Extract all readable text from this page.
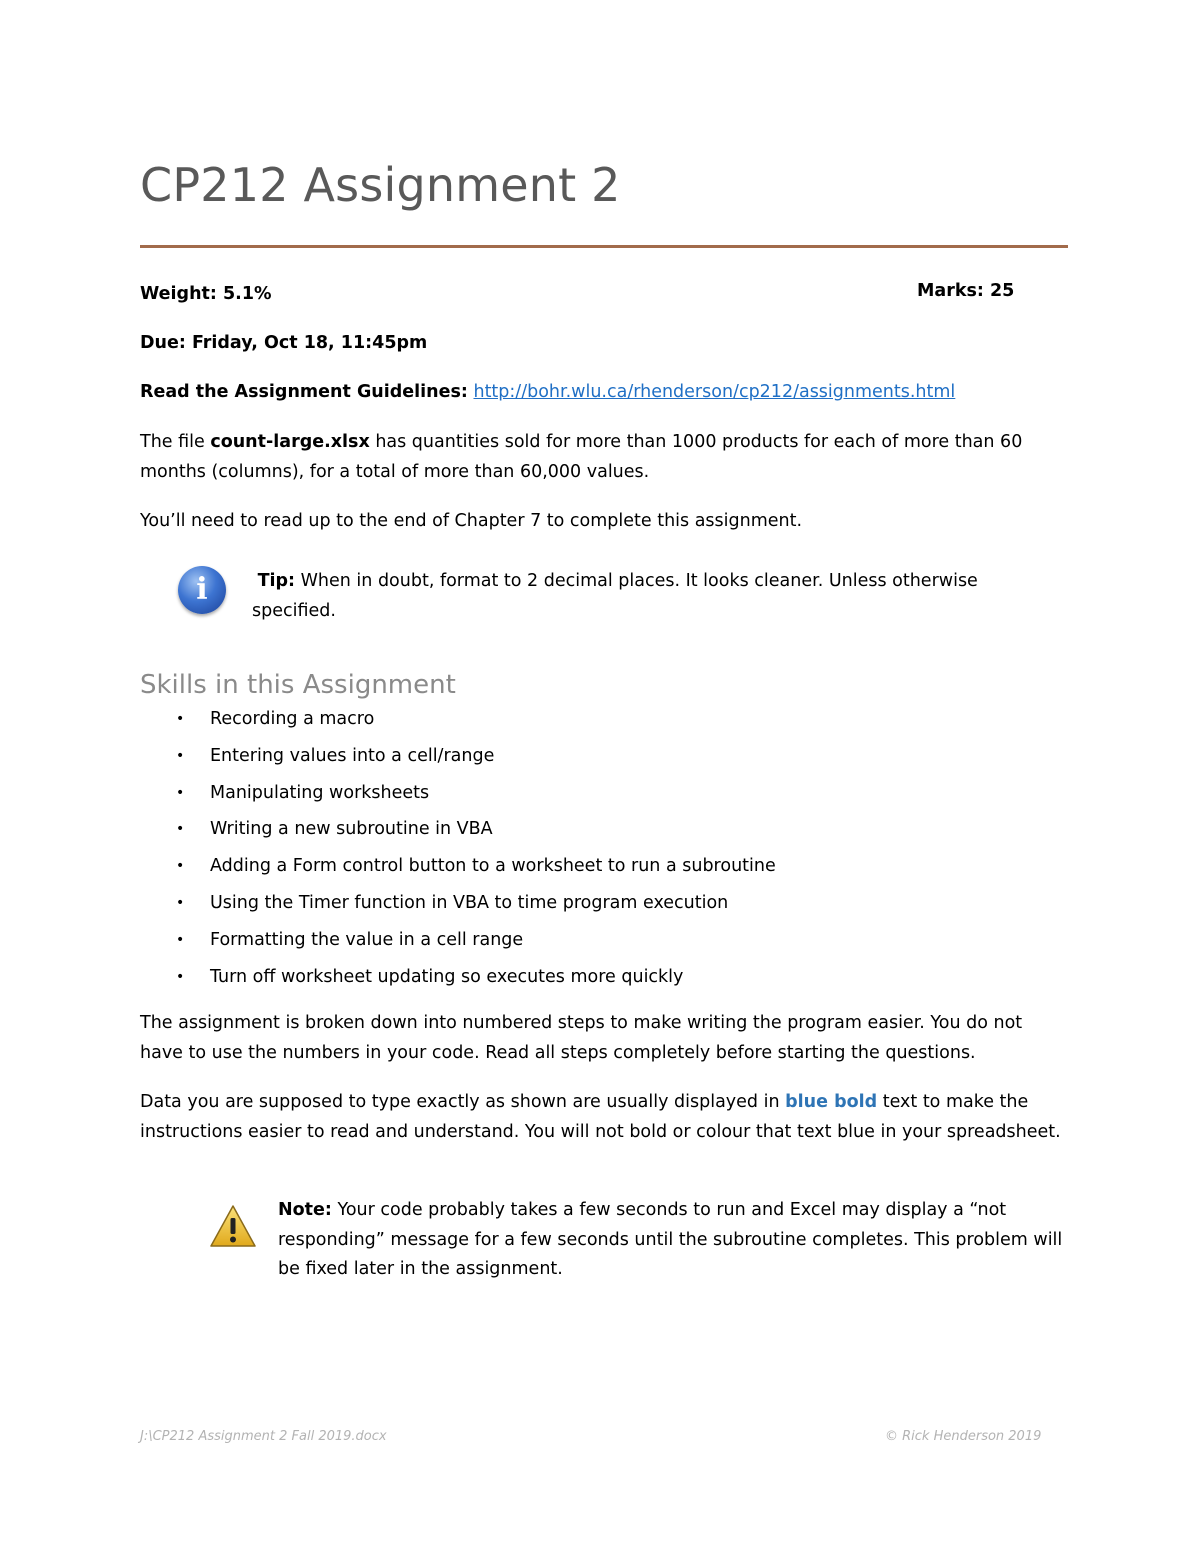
CP212 Assignment 2
Weight: 5.1%	Marks: 25
Due: Friday, Oct 18, 11:45pm
Read the Assignment Guidelines: http://bohr.wlu.ca/rhenderson/cp212/assignments.html
The file count-large.xlsx has quantities sold for more than 1000 products for each of more than 60
months (columns), for a total of more than 60,000 values.
You’ll need to read up to the end of Chapter 7 to complete this assignment.
i	Tip: When in doubt, format to 2 decimal places. It looks cleaner. Unless otherwise specified.
Skills in this Assignment
• Recording a macro
• Entering values into a cell/range
• Manipulating worksheets
• Writing a new subroutine in VBA
• Adding a Form control button to a worksheet to run a subroutine
• Using the Timer function in VBA to time program execution
• Formatting the value in a cell range
• Turn off worksheet updating so executes more quickly
The assignment is broken down into numbered steps to make writing the program easier. You do not have to use the numbers in your code. Read all steps completely before starting the questions.
Data you are supposed to type exactly as shown are usually displayed in blue bold text to make the instructions easier to read and understand. You will not bold or colour that text blue in your spreadsheet.
Note: Your code probably takes a few seconds to run and Excel may display a “not responding” message for a few seconds until the subroutine completes. This problem will be fixed later in the assignment.
J:\CP212 Assignment 2 Fall 2019.docx	© Rick Henderson 2019
